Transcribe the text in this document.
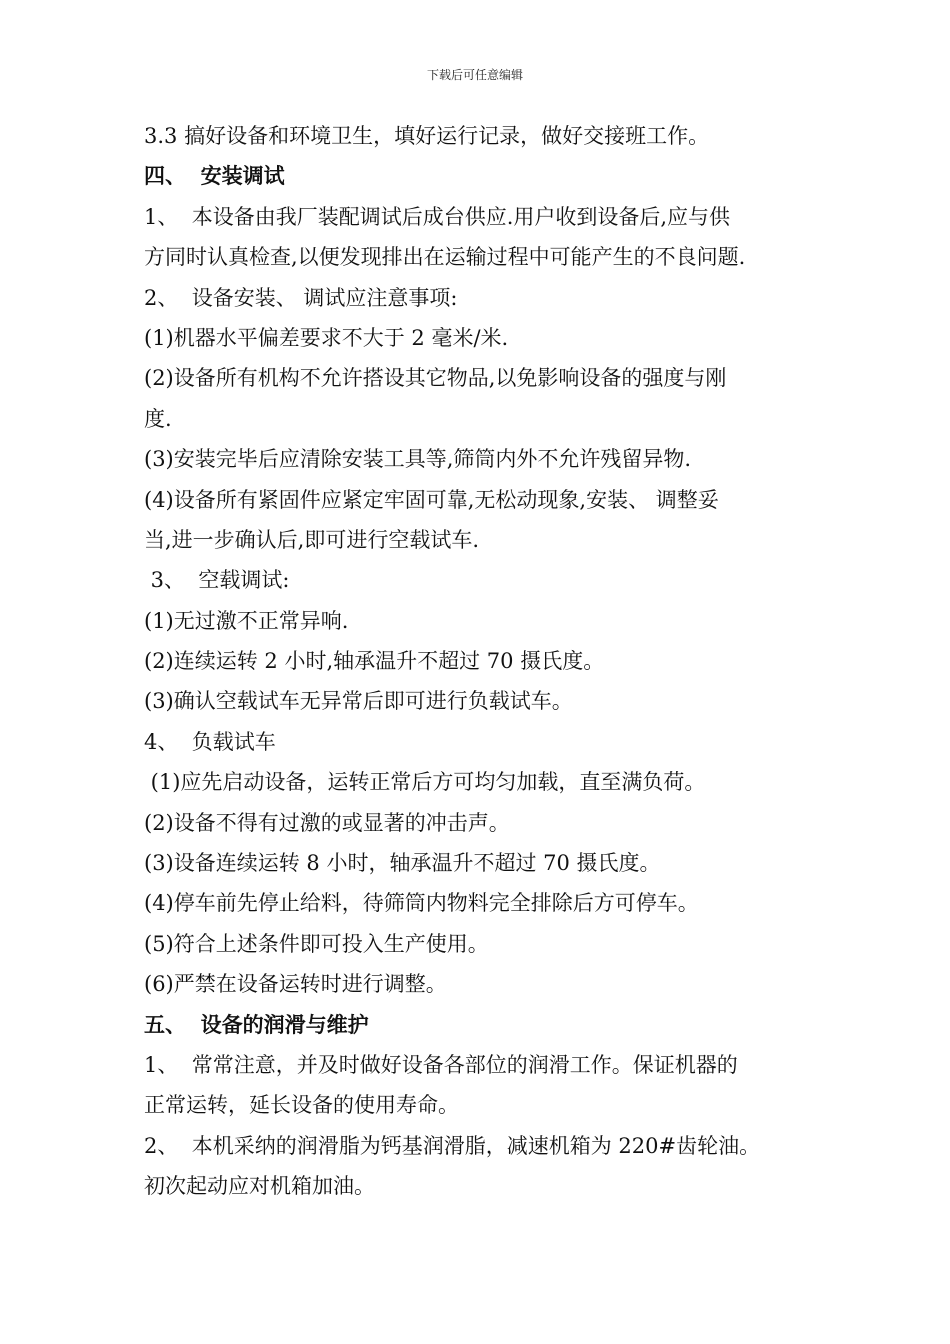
下载后可任意编辑
3.3 搞好设备和环境卫生，填好运行记录，做好交接班工作。
四、  安装调试
1、  本设备由我厂装配调试后成台供应.用户收到设备后,应与供
方同时认真检查,以便发现排出在运输过程中可能产生的不良问题.
2、  设备安装、 调试应注意事项:
(1)机器水平偏差要求不大于 2 毫米/米.
(2)设备所有机构不允许搭设其它物品,以免影响设备的强度与刚
度.
(3)安装完毕后应清除安装工具等,筛筒内外不允许残留异物.
(4)设备所有紧固件应紧定牢固可靠,无松动现象,安装、 调整妥
当,进一步确认后,即可进行空载试车.
3、  空载调试:
(1)无过激不正常异响.
(2)连续运转 2 小时,轴承温升不超过 70 摄氏度。
(3)确认空载试车无异常后即可进行负载试车。
4、  负载试车
(1)应先启动设备，运转正常后方可均匀加载，直至满负荷。
(2)设备不得有过激的或显著的冲击声。
(3)设备连续运转 8 小时，轴承温升不超过 70 摄氏度。
(4)停车前先停止给料，待筛筒内物料完全排除后方可停车。
(5)符合上述条件即可投入生产使用。
(6)严禁在设备运转时进行调整。
五、  设备的润滑与维护
1、  常常注意，并及时做好设备各部位的润滑工作。保证机器的
正常运转，延长设备的使用寿命。
2、  本机采纳的润滑脂为钙基润滑脂，减速机箱为 220#齿轮油。
初次起动应对机箱加油。
